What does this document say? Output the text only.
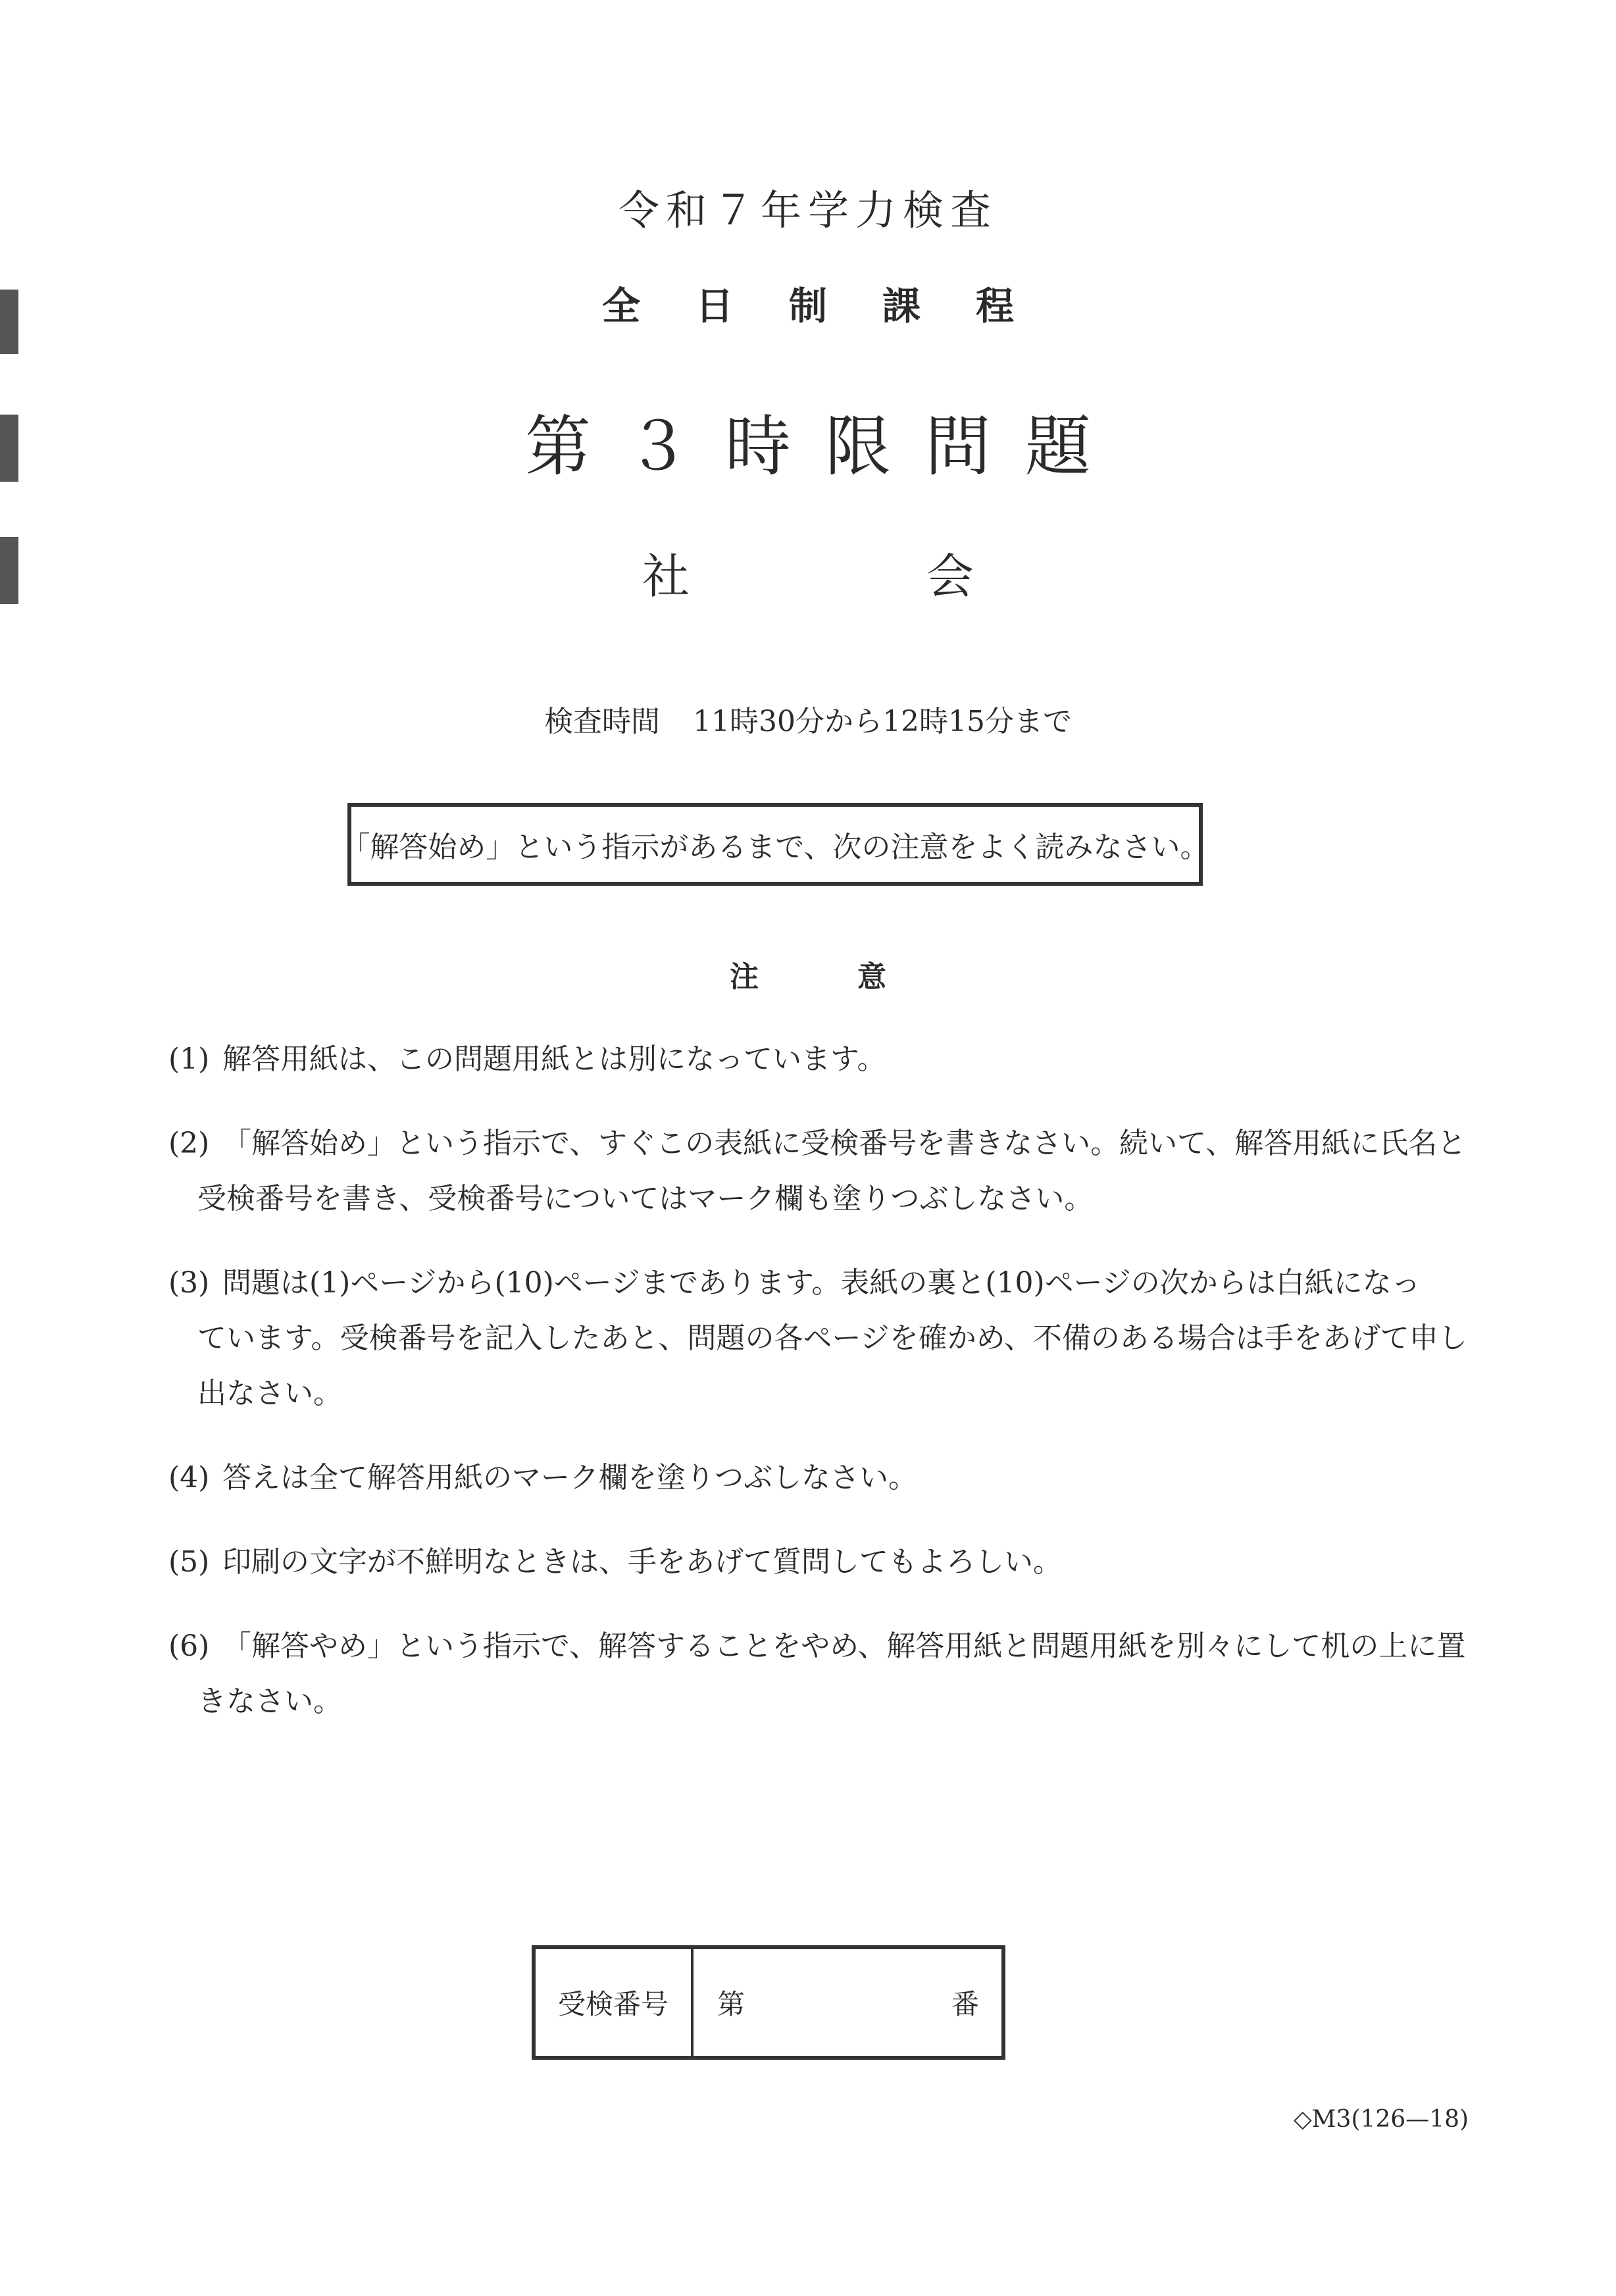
令和７年学力検査
全日制課程
第３時限問題
社	会
検査時間 11時30分から12時15分まで
「解答始め」という指示があるまで、次の注意をよく読みなさい。
注	意
(1) 解答用紙は、この問題用紙とは別になっています。
(2) 「解答始め」という指示で、すぐこの表紙に受検番号を書きなさい。続いて、解答用紙に氏名と
受検番号を書き、受検番号についてはマーク欄も塗りつぶしなさい。
(3) 問題は(1)ページから(10)ページまであります。表紙の裏と(10)ページの次からは白紙になっ
ています。受検番号を記入したあと、問題の各ページを確かめ、不備のある場合は手をあげて申し
出なさい。
(4) 答えは全て解答用紙のマーク欄を塗りつぶしなさい。
(5) 印刷の文字が不鮮明なときは、手をあげて質問してもよろしい。
(6) 「解答やめ」という指示で、解答することをやめ、解答用紙と問題用紙を別々にして机の上に置
きなさい。
受検番号	第	番
◇M3(126—18)
